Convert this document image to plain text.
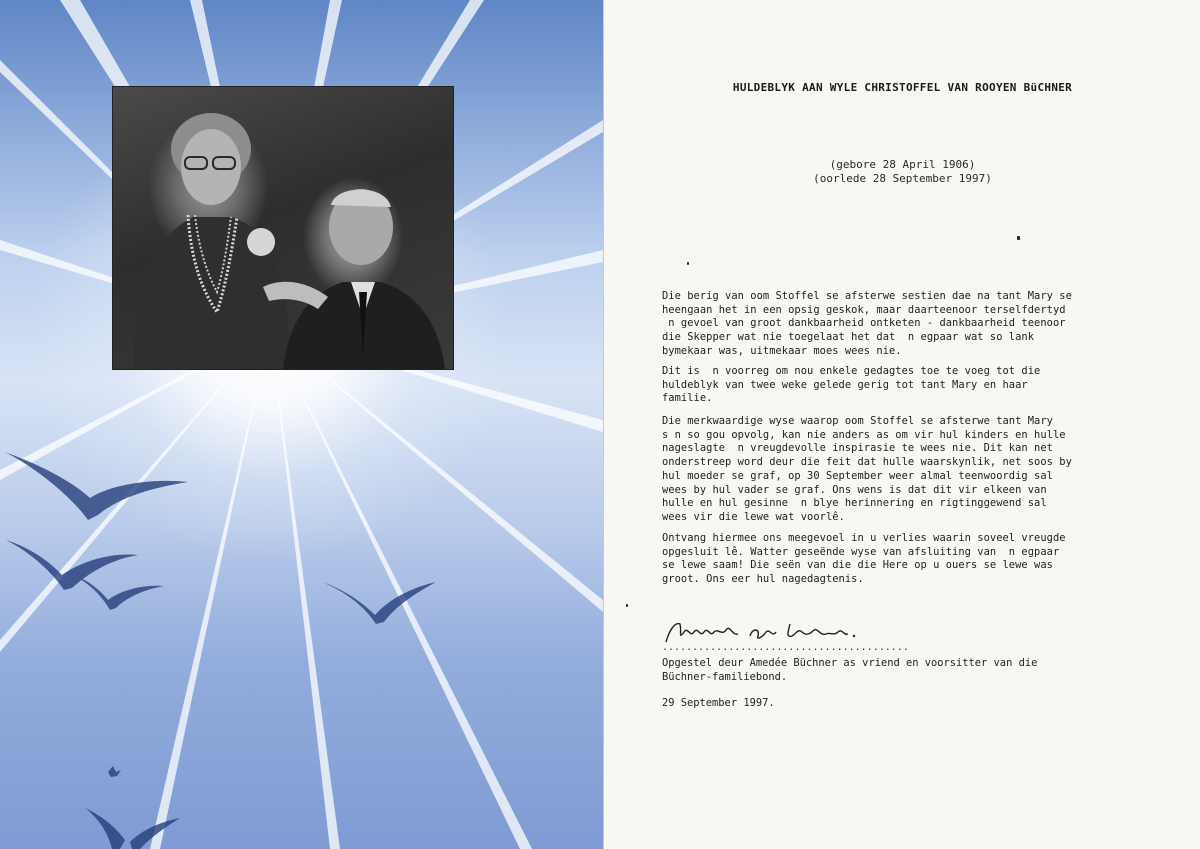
HULDEBLYK AAN WYLE CHRISTOFFEL VAN ROOYEN BüCHNER
(gebore 28 April 1906)
(oorlede 28 September 1997)
Die berig van oom Stoffel se afsterwe sestien dae na tant Mary se
heengaan het in een opsig geskok, maar daarteenoor terselfdertyd
n gevoel van groot dankbaarheid ontketen - dankbaarheid teenoor
die Skepper wat nie toegelaat het dat  n egpaar wat so lank
bymekaar was, uitmekaar moes wees nie.
Dit is  n voorreg om nou enkele gedagtes toe te voeg tot die
huldeblyk van twee weke gelede gerig tot tant Mary en haar
familie.
Die merkwaardige wyse waarop oom Stoffel se afsterwe tant Mary
s n so gou opvolg, kan nie anders as om vir hul kinders en hulle
nageslagte  n vreugdevolle inspirasie te wees nie. Dit kan net
onderstreep word deur die feit dat hulle waarskynlik, net soos by
hul moeder se graf, op 30 September weer almal teenwoordig sal
wees by hul vader se graf. Ons wens is dat dit vir elkeen van
hulle en hul gesinne  n blye herinnering en rigtinggewend sal
wees vir die lewe wat voorlê.
Ontvang hiermee ons meegevoel in u verlies waarin soveel vreugde
opgesluit lê. Watter geseënde wyse van afsluiting van  n egpaar
se lewe saam! Die seën van die die Here op u ouers se lewe was
groot. Ons eer hul nagedagtenis.
.........................................
Opgestel deur Amedée Büchner as vriend en voorsitter van die
Büchner-familiebond.
29 September 1997.
